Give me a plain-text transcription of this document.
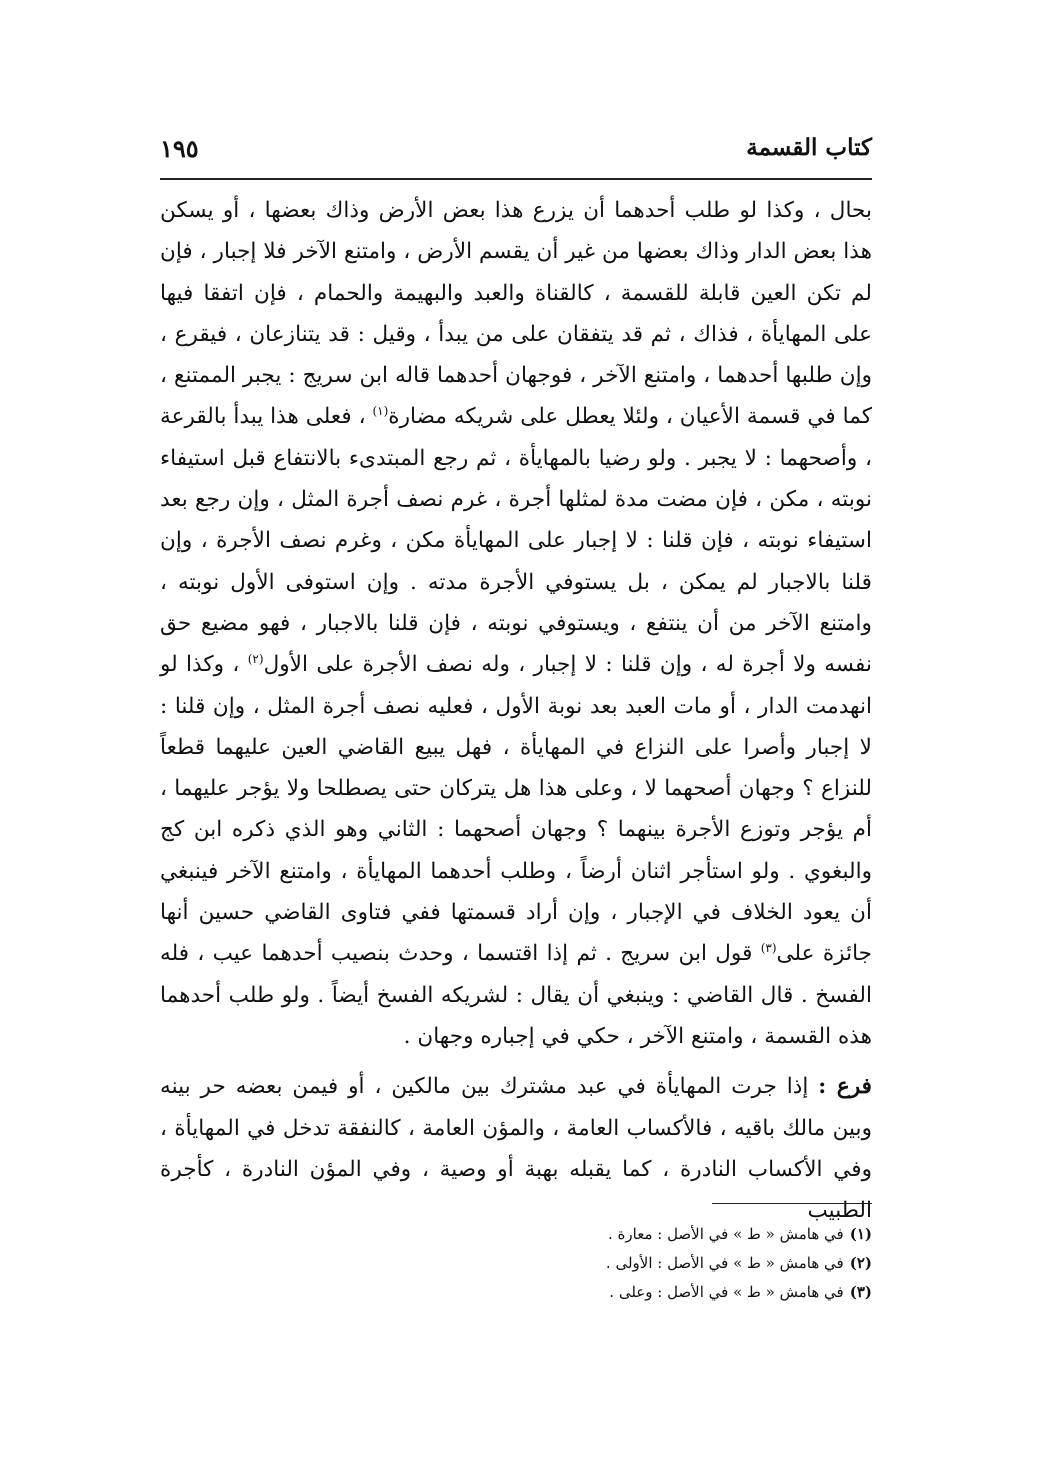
كتاب القسمة
١٩٥

بحال ، وكذا لو طلب أحدهما أن يزرع هذا بعض الأرض وذاك بعضها ، أو يسكن هذا بعض الدار وذاك بعضها من غير أن يقسم الأرض ، وامتنع الآخر فلا إجبار ، فإن لم تكن العين قابلة للقسمة ، كالقناة والعبد والبهيمة والحمام ، فإن اتفقا فيها على المهايأة ، فذاك ، ثم قد يتفقان على من يبدأ ، وقيل : قد يتنازعان ، فيقرع ، وإن طلبها أحدهما ، وامتنع الآخر ، فوجهان أحدهما قاله ابن سريج : يجبر الممتنع ، كما في قسمة الأعيان ، ولئلا يعطل على شريكه مضارة$^{(١)}$ ، فعلى هذا يبدأ بالقرعة ، وأصحهما : لا يجبر . ولو رضيا بالمهايأة ، ثم رجع المبتدىء بالانتفاع قبل استيفاء نوبته ، مكن ، فإن مضت مدة لمثلها أجرة ، غرم نصف أجرة المثل ، وإن رجع بعد استيفاء نوبته ، فإن قلنا : لا إجبار على المهايأة مكن ، وغرم نصف الأجرة ، وإن قلنا بالاجبار لم يمكن ، بل يستوفي الأجرة مدته . وإن استوفى الأول نوبته ، وامتنع الآخر من أن ينتفع ، ويستوفي نوبته ، فإن قلنا بالاجبار ، فهو مضيع حق نفسه ولا أجرة له ، وإن قلنا : لا إجبار ، وله نصف الأجرة على الأول$^{(٢)}$ ، وكذا لو انهدمت الدار ، أو مات العبد بعد نوبة الأول ، فعليه نصف أجرة المثل ، وإن قلنا : لا إجبار وأصرا على النزاع في المهايأة ، فهل يبيع القاضي العين عليهما قطعاً للنزاع ؟ وجهان أصحهما لا ، وعلى هذا هل يتركان حتى يصطلحا ولا يؤجر عليهما ، أم يؤجر وتوزع الأجرة بينهما ؟ وجهان أصحهما : الثاني وهو الذي ذكره ابن كج والبغوي . ولو استأجر اثنان أرضاً ، وطلب أحدهما المهايأة ، وامتنع الآخر فينبغي أن يعود الخلاف في الإجبار ، وإن أراد قسمتها ففي فتاوى القاضي حسين أنها جائزة على$^{(٣)}$ قول ابن سريج . ثم إذا اقتسما ، وحدث بنصيب أحدهما عيب ، فله الفسخ . قال القاضي : وينبغي أن يقال : لشريكه الفسخ أيضاً . ولو طلب أحدهما هذه القسمة ، وامتنع الآخر ، حكي في إجباره وجهان .

فرع : إذا جرت المهايأة في عبد مشترك بين مالكين ، أو فيمن بعضه حر بينه وبين مالك باقيه ، فالأكساب العامة ، والمؤن العامة ، كالنفقة تدخل في المهايأة ، وفي الأكساب النادرة ، كما يقبله بهبة أو وصية ، وفي المؤن النادرة ، كأجرة الطبيب

(١)في هامش « ط » في الأصل : معارة .
(٢)في هامش « ط » في الأصل : الأولى .
(٣)في هامش « ط » في الأصل : وعلى .
